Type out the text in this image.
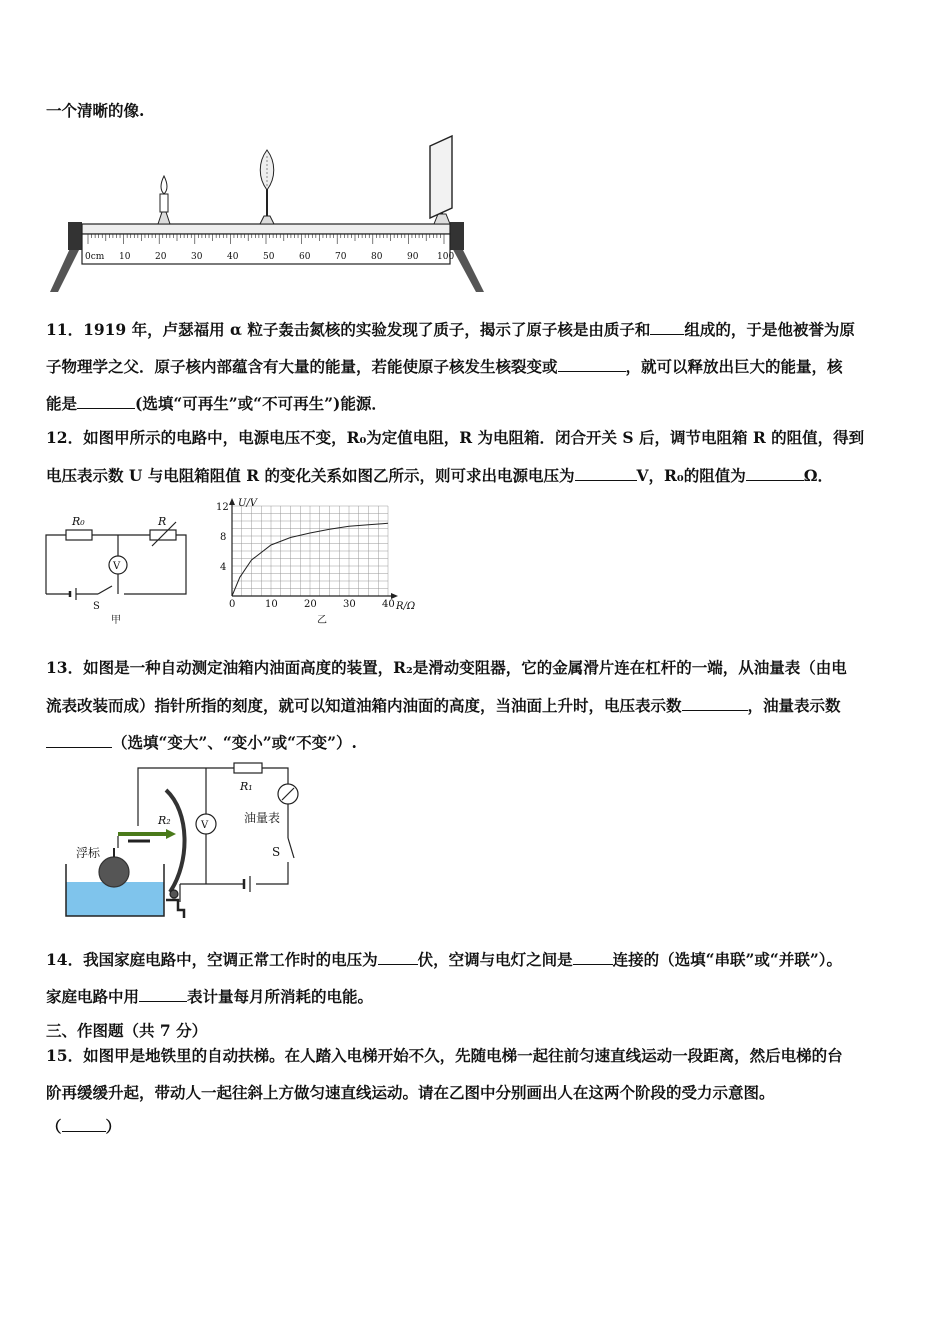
一个清晰的像.
0cm 10	20	30	40	50	60	70	80	90 100
11．1919 年，卢瑟福用 α 粒子轰击氮核的实验发现了质子，揭示了原子核是由质子和 组成的，于是他被誉为原
子物理学之父．原子核内部蕴含有大量的能量，若能使原子核发生核裂变或	，就可以释放出巨大的能量，核
能是	(选填“可再生”或“不可再生”)能源．
12．如图甲所示的电路中，电源电压不变，R₀为定值电阻，R 为电阻箱．闭合开关 S 后，调节电阻箱 R 的阻值，得到
电压表示数 U 与电阻箱阻值 R 的变化关系如图乙所示，则可求出电源电压为	V，R₀的阻值为	Ω．
R₀	R
V
S
甲
U/V
R/Ω
0	10	20	30	40
4
8
12
乙
13．如图是一种自动测定油箱内油面高度的装置，R₂是滑动变阻器，它的金属滑片连在杠杆的一端，从油量表（由电
流表改装而成）指针所指的刻度，就可以知道油箱内油面的高度，当油面上升时，电压表示数	，油量表示数
（选填“变大”、“变小”或“不变”）.
R₁
R₂	V
油量表
S
浮标
14．我国家庭电路中，空调正常工作时的电压为	伏，空调与电灯之间是	连接的（选填“串联”或“并联”）。
家庭电路中用	表计量每月所消耗的电能。
三、作图题（共 7 分）
15．如图甲是地铁里的自动扶梯。在人踏入电梯开始不久，先随电梯一起往前匀速直线运动一段距离，然后电梯的台
阶再缓缓升起，带动人一起往斜上方做匀速直线运动。请在乙图中分别画出人在这两个阶段的受力示意图。
（	）
